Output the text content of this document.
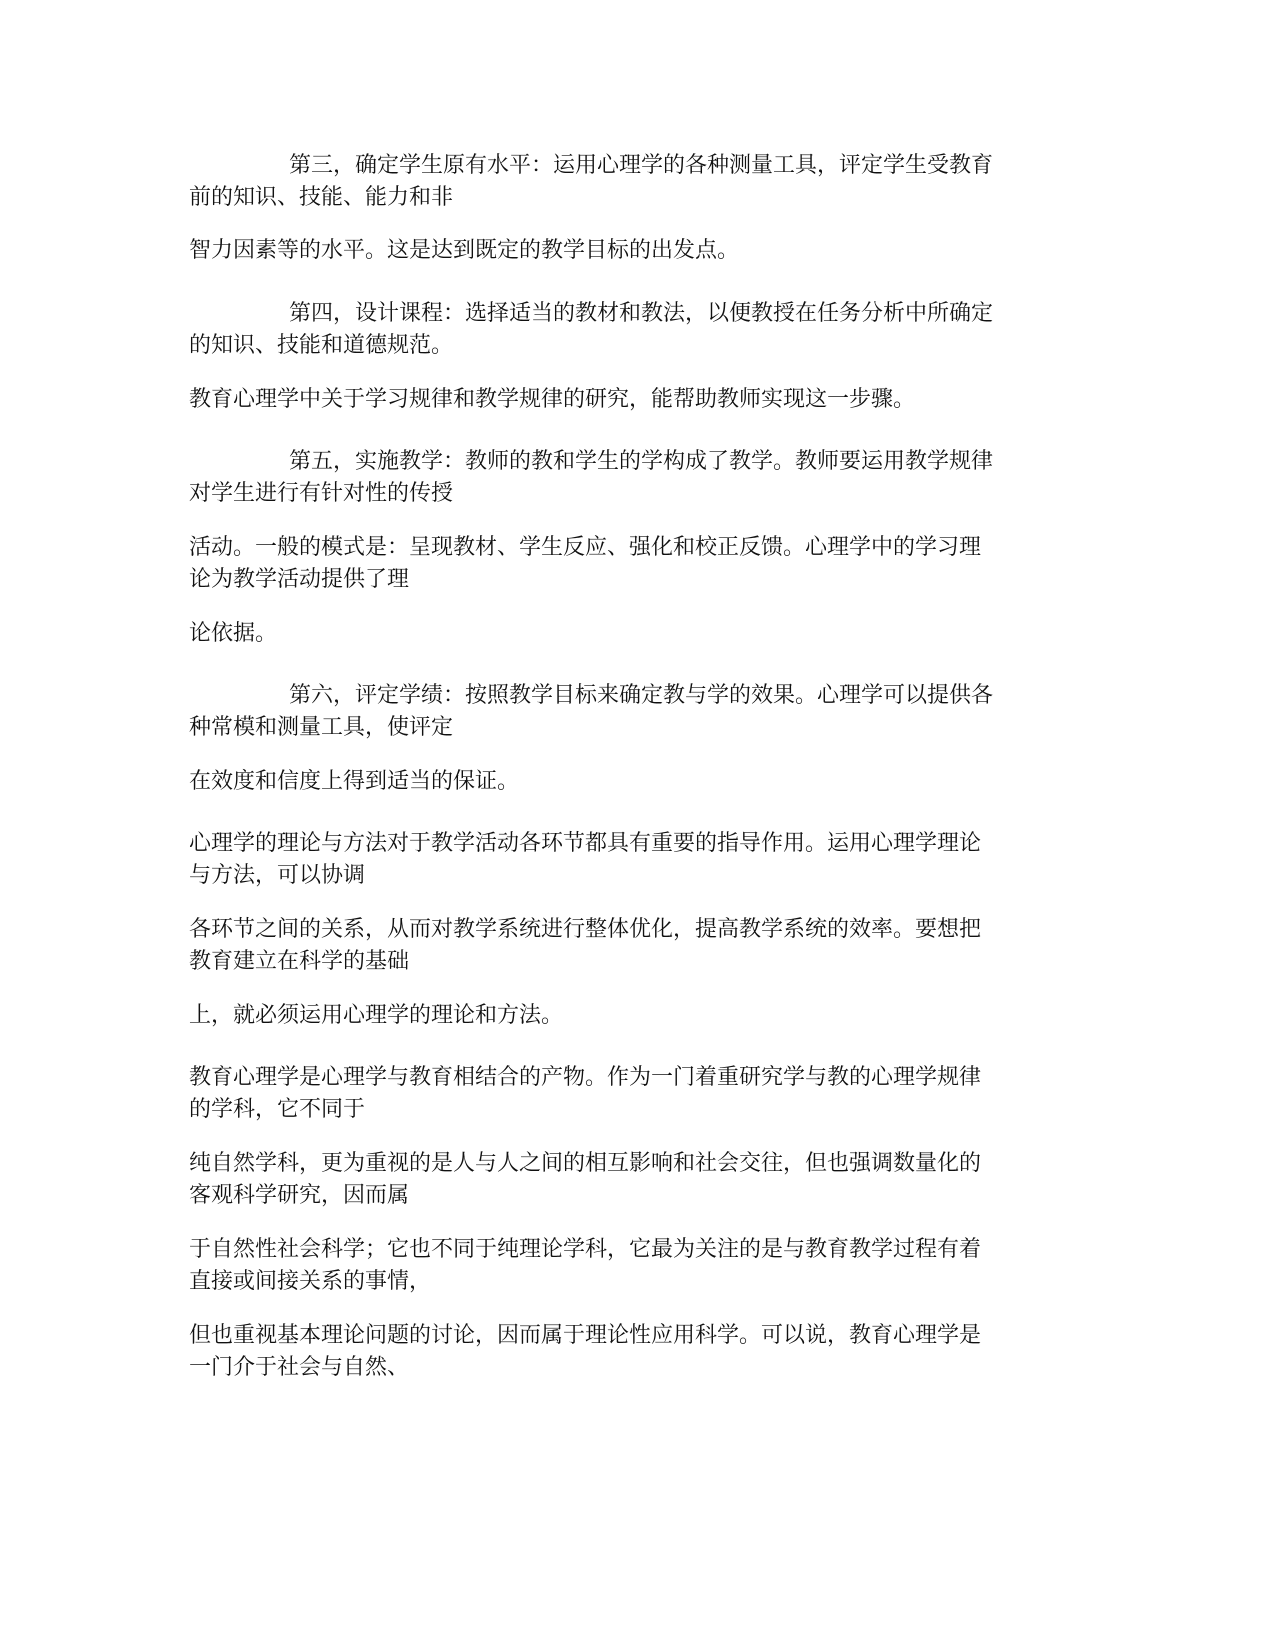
第三，确定学生原有水平：运用心理学的各种测量工具，评定学生受教育
前的知识、技能、能力和非
智力因素等的水平。这是达到既定的教学目标的出发点。
第四，设计课程：选择适当的教材和教法，以便教授在任务分析中所确定
的知识、技能和道德规范。
教育心理学中关于学习规律和教学规律的研究，能帮助教师实现这一步骤。
第五，实施教学：教师的教和学生的学构成了教学。教师要运用教学规律
对学生进行有针对性的传授
活动。一般的模式是：呈现教材、学生反应、强化和校正反馈。心理学中的学习理
论为教学活动提供了理
论依据。
第六，评定学绩：按照教学目标来确定教与学的效果。心理学可以提供各
种常模和测量工具，使评定
在效度和信度上得到适当的保证。
心理学的理论与方法对于教学活动各环节都具有重要的指导作用。运用心理学理论
与方法，可以协调
各环节之间的关系，从而对教学系统进行整体优化，提高教学系统的效率。要想把
教育建立在科学的基础
上，就必须运用心理学的理论和方法。
教育心理学是心理学与教育相结合的产物。作为一门着重研究学与教的心理学规律
的学科，它不同于
纯自然学科，更为重视的是人与人之间的相互影响和社会交往，但也强调数量化的
客观科学研究，因而属
于自然性社会科学；它也不同于纯理论学科，它最为关注的是与教育教学过程有着
直接或间接关系的事情，
但也重视基本理论问题的讨论，因而属于理论性应用科学。可以说，教育心理学是
一门介于社会与自然、
